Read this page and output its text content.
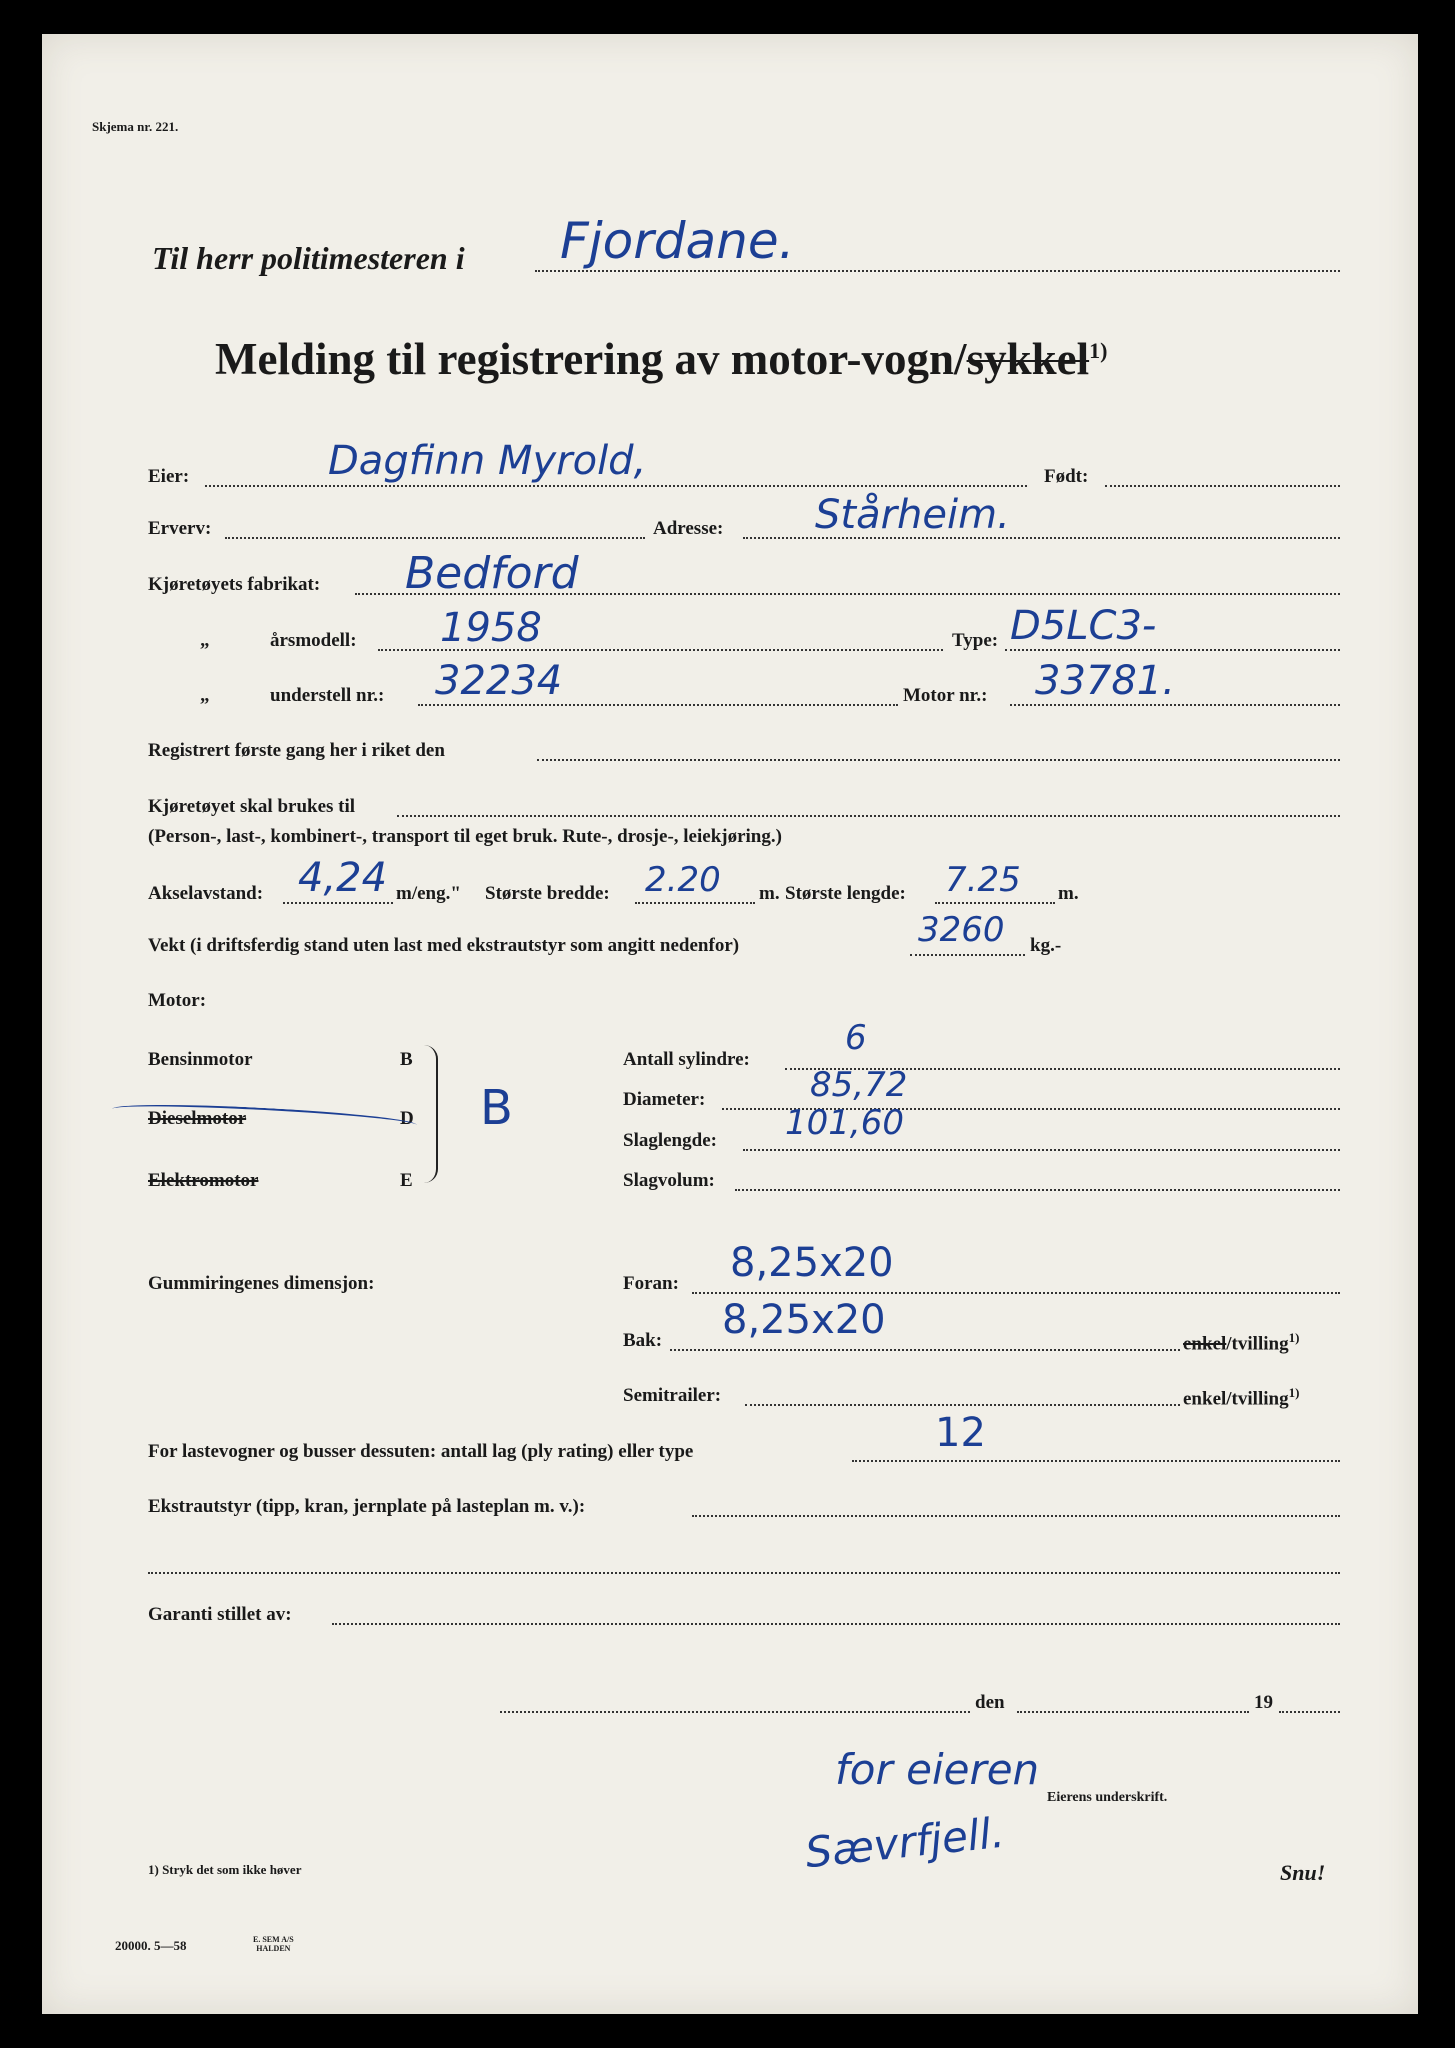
Skjema nr. 221.
Til herr politimesteren i Fjordane.
Melding til registrering av motor-vogn/sykkel$^{1)}$
Eier:	Dagfinn Myrold,	Født:
Erverv:	Adresse: Stårheim.
Kjøretøyets fabrikat: Bedford
„	årsmodell: 1958	Type: D5LC3-
„	understell nr.: 32234	Motor nr.: 33781.
Registrert første gang her i riket den
Kjøretøyet skal brukes til
(Person-, last-, kombinert-, transport til eget bruk. Rute-, drosje-, leiekjøring.)
Akselavstand: 4,24 m/eng." Største bredde: 2.20 m. Største lengde: 7.25 m.
Vekt (i driftsferdig stand uten last med ekstrautstyr som angitt nedenfor)	3260 kg.-
Motor:
Bensinmotor	B
Dieselmotor	D
Elektromotor	E
B
Antall sylindre:
6
Diameter:	85,72
Slaglengde: 101,60
Slagvolum:
Gummiringenes dimensjon:	Foran: 8,25x20
Bak: 8,25x20
enkel/tvilling$^{1)}$
Semitrailer:	enkel/tvilling$^{1)}$
For lastevogner og busser dessuten: antall lag (ply rating) eller type	12
Ekstrautstyr (tipp, kran, jernplate på lasteplan m. v.):
Garanti stillet av:
den	19
for eieren
Eierens underskrift.
Sævrfjell.
1) Stryk det som ikke høver	Snu!
20000. 5—58	E. SEM A/S
HALDEN
